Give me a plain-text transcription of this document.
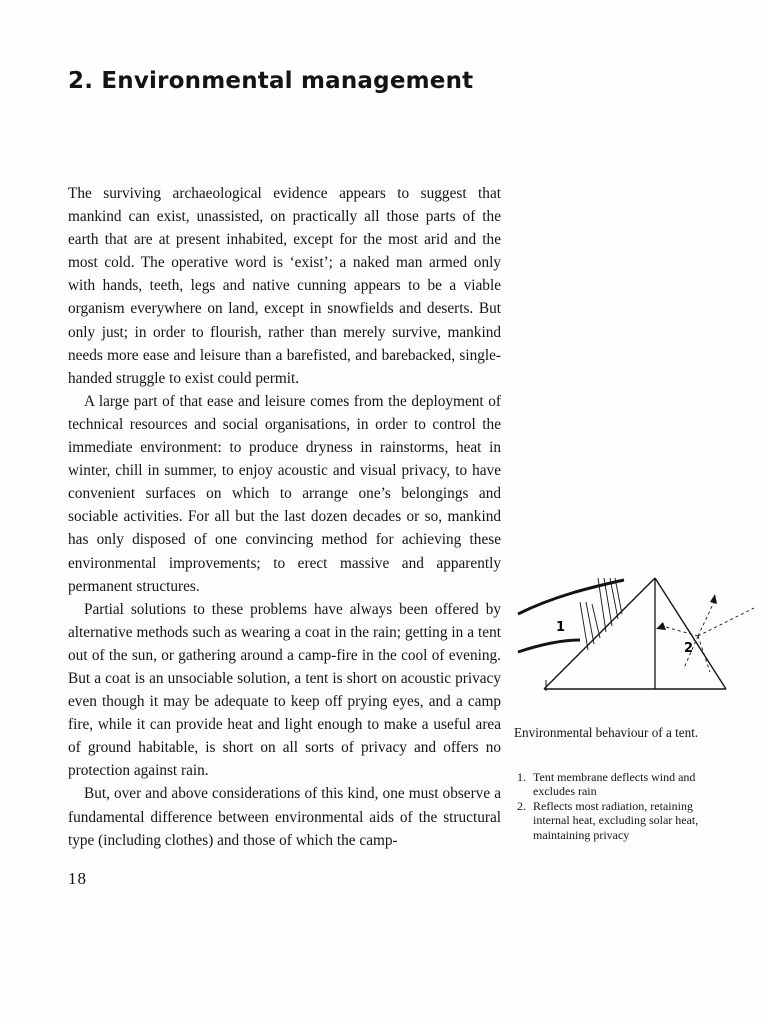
2. Environmental management

The surviving archaeological evidence appears to suggest that mankind can exist, unassisted, on practically all those parts of the earth that are at present inhabited, except for the most arid and the most cold. The operative word is ‘exist’; a naked man armed only with hands, teeth, legs and native cunning appears to be a viable organism everywhere on land, except in snowfields and deserts. But only just; in order to flourish, rather than merely survive, mankind needs more ease and leisure than a barefisted, and barebacked, single-handed struggle to exist could permit.

A large part of that ease and leisure comes from the deployment of technical resources and social organisations, in order to control the immediate environment: to produce dryness in rainstorms, heat in winter, chill in summer, to enjoy acoustic and visual privacy, to have convenient surfaces on which to arrange one’s belongings and sociable activities. For all but the last dozen decades or so, mankind has only disposed of one convincing method for achieving these environmental improvements; to erect massive and apparently permanent structures.

Partial solutions to these problems have always been offered by alternative methods such as wearing a coat in the rain; getting in a tent out of the sun, or gathering around a camp-fire in the cool of evening. But a coat is an unsociable solution, a tent is short on acoustic privacy even though it may be adequate to keep off prying eyes, and a camp fire, while it can provide heat and light enough to make a useful area of ground habitable, is short on all sorts of privacy and offers no protection against rain.

But, over and above considerations of this kind, one must observe a fundamental difference between environmental aids of the structural type (including clothes) and those of which the camp-

1
2
Environmental behaviour of a tent.

1. Tent membrane deflects wind and excludes rain

2. Reflects most radiation, retaining internal heat, excluding solar heat, maintaining privacy

18
